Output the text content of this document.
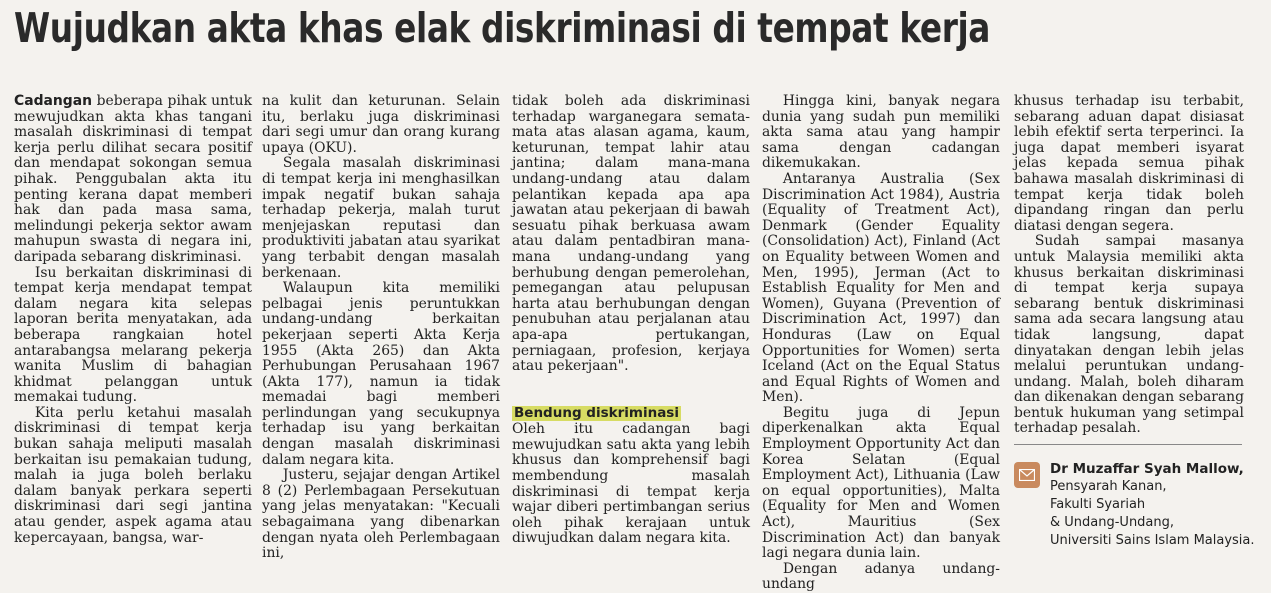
Wujudkan akta khas elak diskriminasi di tempat kerja

Cadangan beberapa pihak untuk mewujudkan akta khas tangani masalah diskriminasi di tempat kerja perlu dilihat secara positif dan mendapat sokongan semua pihak. Penggubalan akta itu penting kerana dapat memberi hak dan pada masa sama, melindungi pekerja sektor awam mahupun swasta di negara ini, daripada sebarang diskriminasi.

Isu berkaitan diskriminasi di tempat kerja mendapat tempat dalam negara kita selepas laporan berita menyatakan, ada beberapa rangkaian hotel antarabangsa melarang pekerja wanita Muslim di bahagian khidmat pelanggan untuk memakai tudung.

Kita perlu ketahui masalah diskriminasi di tempat kerja bukan sahaja meliputi masalah berkaitan isu pemakaian tudung, malah ia juga boleh berlaku dalam banyak perkara seperti diskriminasi dari segi jantina atau gender, aspek agama atau kepercayaan, bangsa, war-

na kulit dan keturunan. Selain itu, berlaku juga diskriminasi dari segi umur dan orang kurang upaya (OKU).

Segala masalah diskriminasi di tempat kerja ini menghasilkan impak negatif bukan sahaja terhadap pekerja, malah turut menjejaskan reputasi dan produktiviti jabatan atau syarikat yang terbabit dengan masalah berkenaan.

Walaupun kita memiliki pelbagai jenis peruntukkan undang-undang berkaitan pekerjaan seperti Akta Kerja 1955 (Akta 265) dan Akta Perhubungan Perusahaan 1967 (Akta 177), namun ia tidak memadai bagi memberi perlindungan yang secukupnya terhadap isu yang berkaitan dengan masalah diskriminasi dalam negara kita.

Justeru, sejajar dengan Artikel 8 (2) Perlembagaan Persekutuan yang jelas menyatakan: "Kecuali sebagaimana yang dibenarkan dengan nyata oleh Perlembagaan ini,

tidak boleh ada diskriminasi terhadap warganegara semata-mata atas alasan agama, kaum, keturunan, tempat lahir atau jantina; dalam mana-mana undang-undang atau dalam pelantikan kepada apa apa jawatan atau pekerjaan di bawah sesuatu pihak berkuasa awam atau dalam pentadbiran mana-mana undang-undang yang berhubung dengan pemerolehan, pemegangan atau pelupusan harta atau berhubungan dengan penubuhan atau perjalanan atau apa-apa pertukangan, perniagaan, profesion, kerjaya atau pekerjaan".

Bendung diskriminasi

Oleh itu cadangan bagi mewujudkan satu akta yang lebih khusus dan komprehensif bagi membendung masalah diskriminasi di tempat kerja wajar diberi pertimbangan serius oleh pihak kerajaan untuk diwujudkan dalam negara kita.

Hingga kini, banyak negara dunia yang sudah pun memiliki akta sama atau yang hampir sama dengan cadangan dikemukakan.

Antaranya Australia (Sex Discrimination Act 1984), Austria (Equality of Treatment Act), Denmark (Gender Equality (Consolidation) Act), Finland (Act on Equality between Women and Men, 1995), Jerman (Act to Establish Equality for Men and Women), Guyana (Prevention of Discrimination Act, 1997) dan Honduras (Law on Equal Opportunities for Women) serta Iceland (Act on the Equal Status and Equal Rights of Women and Men).

Begitu juga di Jepun diperkenalkan akta Equal Employment Opportunity Act dan Korea Selatan (Equal Employment Act), Lithuania (Law on equal opportunities), Malta (Equality for Men and Women Act), Mauritius (Sex Discrimination Act) dan banyak lagi negara dunia lain.

Dengan adanya undang-undang

khusus terhadap isu terbabit, sebarang aduan dapat disiasat lebih efektif serta terperinci. Ia juga dapat memberi isyarat jelas kepada semua pihak bahawa masalah diskriminasi di tempat kerja tidak boleh dipandang ringan dan perlu diatasi dengan segera.

Sudah sampai masanya untuk Malaysia memiliki akta khusus berkaitan diskriminasi di tempat kerja supaya sebarang bentuk diskriminasi sama ada secara langsung atau tidak langsung, dapat dinyatakan dengan lebih jelas melalui peruntukan undang-undang. Malah, boleh diharam dan dikenakan dengan sebarang bentuk hukuman yang setimpal terhadap pesalah.

Dr Muzaffar Syah Mallow,
Pensyarah Kanan,
Fakulti Syariah
& Undang-Undang,
Universiti Sains Islam Malaysia.
